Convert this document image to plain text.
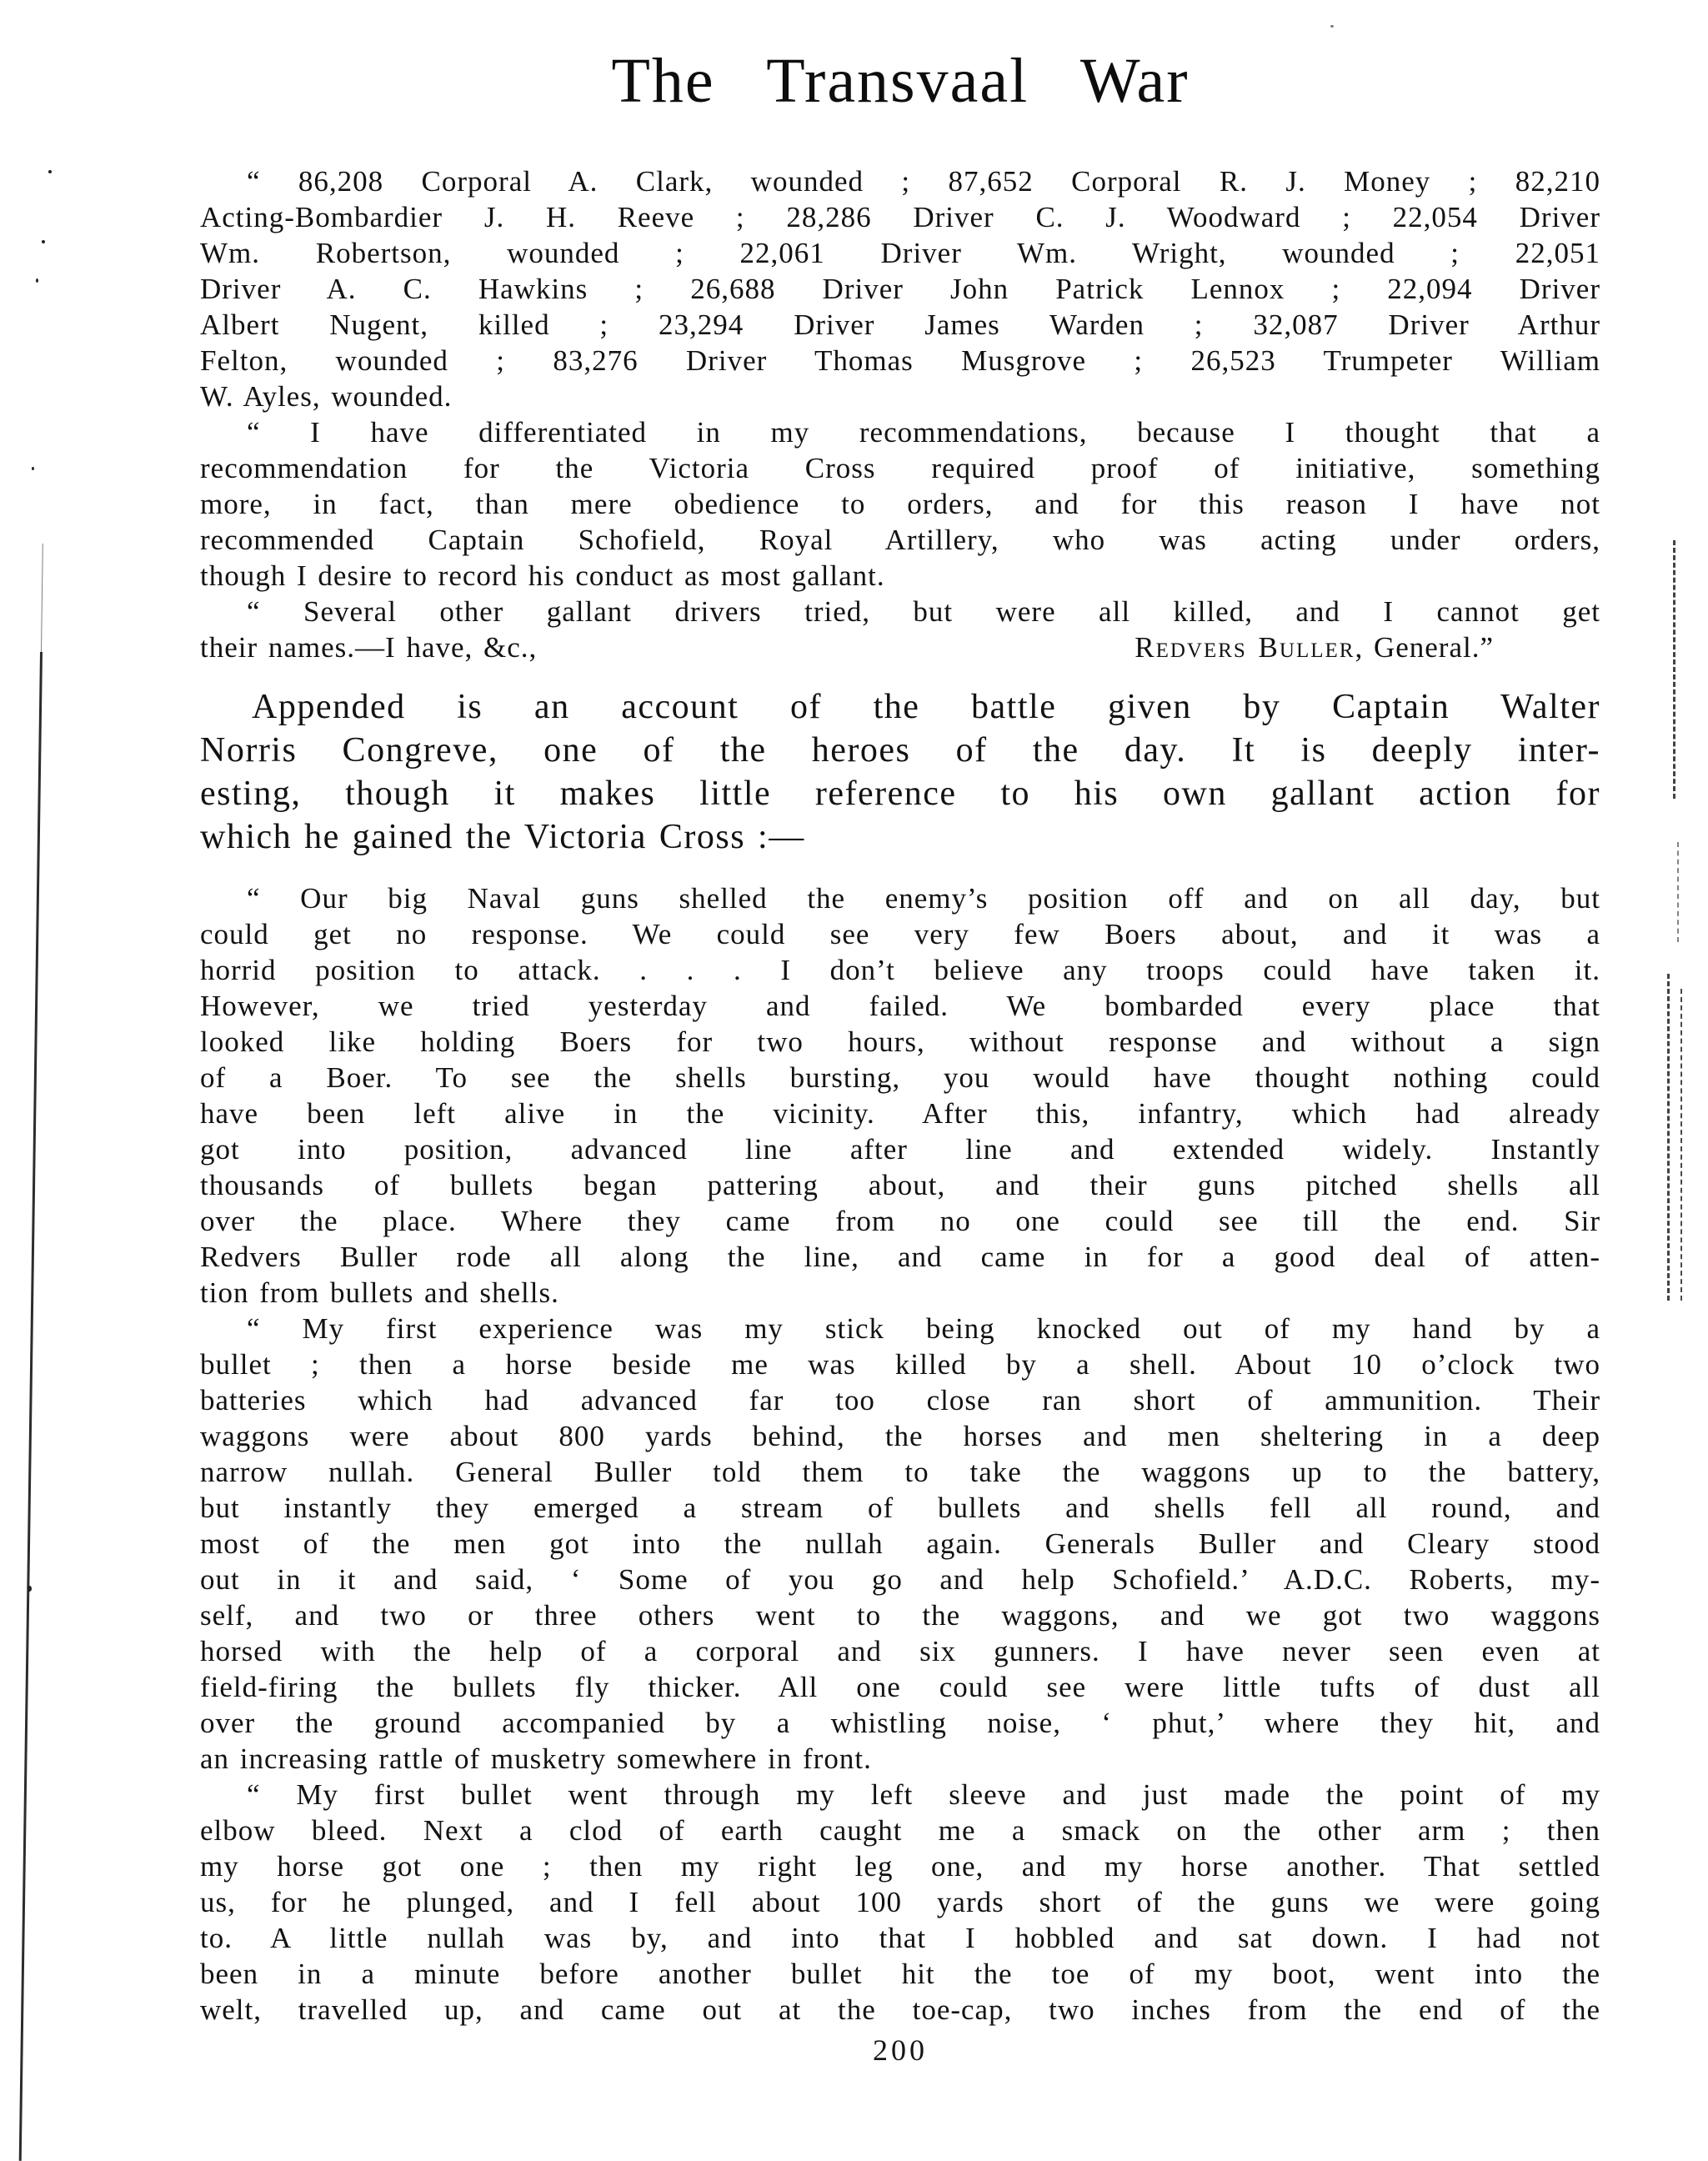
The Transvaal War
“ 86,208 Corporal A. Clark, wounded ; 87,652 Corporal R. J. Money ; 82,210
Acting-Bombardier J. H. Reeve ; 28,286 Driver C. J. Woodward ; 22,054 Driver
Wm. Robertson, wounded ; 22,061 Driver Wm. Wright, wounded ; 22,051
Driver A. C. Hawkins ; 26,688 Driver John Patrick Lennox ; 22,094 Driver
Albert Nugent, killed ; 23,294 Driver James Warden ; 32,087 Driver Arthur
Felton, wounded ; 83,276 Driver Thomas Musgrove ; 26,523 Trumpeter William
W. Ayles, wounded.
“ I have differentiated in my recommendations, because I thought that a
recommendation for the Victoria Cross required proof of initiative, something
more, in fact, than mere obedience to orders, and for this reason I have not
recommended Captain Schofield, Royal Artillery, who was acting under orders,
though I desire to record his conduct as most gallant.
“ Several other gallant drivers tried, but were all killed, and I cannot get
their names.—I have, &c.,	Redvers Buller, General.”
Appended is an account of the battle given by Captain Walter
Norris Congreve, one of the heroes of the day. It is deeply inter-
esting, though it makes little reference to his own gallant action for
which he gained the Victoria Cross :—
“ Our big Naval guns shelled the enemy’s position off and on all day, but
could get no response. We could see very few Boers about, and it was a
horrid position to attack. . . . I don’t believe any troops could have taken it.
However, we tried yesterday and failed. We bombarded every place that
looked like holding Boers for two hours, without response and without a sign
of a Boer. To see the shells bursting, you would have thought nothing could
have been left alive in the vicinity. After this, infantry, which had already
got into position, advanced line after line and extended widely. Instantly
thousands of bullets began pattering about, and their guns pitched shells all
over the place. Where they came from no one could see till the end. Sir
Redvers Buller rode all along the line, and came in for a good deal of atten-
tion from bullets and shells.
“ My first experience was my stick being knocked out of my hand by a
bullet ; then a horse beside me was killed by a shell. About 10 o’clock two
batteries which had advanced far too close ran short of ammunition. Their
waggons were about 800 yards behind, the horses and men sheltering in a deep
narrow nullah. General Buller told them to take the waggons up to the battery,
but instantly they emerged a stream of bullets and shells fell all round, and
most of the men got into the nullah again. Generals Buller and Cleary stood
out in it and said, ‘ Some of you go and help Schofield.’ A.D.C. Roberts, my-
self, and two or three others went to the waggons, and we got two waggons
horsed with the help of a corporal and six gunners. I have never seen even at
field-firing the bullets fly thicker. All one could see were little tufts of dust all
over the ground accompanied by a whistling noise, ‘ phut,’ where they hit, and
an increasing rattle of musketry somewhere in front.
“ My first bullet went through my left sleeve and just made the point of my
elbow bleed. Next a clod of earth caught me a smack on the other arm ; then
my horse got one ; then my right leg one, and my horse another. That settled
us, for he plunged, and I fell about 100 yards short of the guns we were going
to. A little nullah was by, and into that I hobbled and sat down. I had not
been in a minute before another bullet hit the toe of my boot, went into the
welt, travelled up, and came out at the toe-cap, two inches from the end of the
200
